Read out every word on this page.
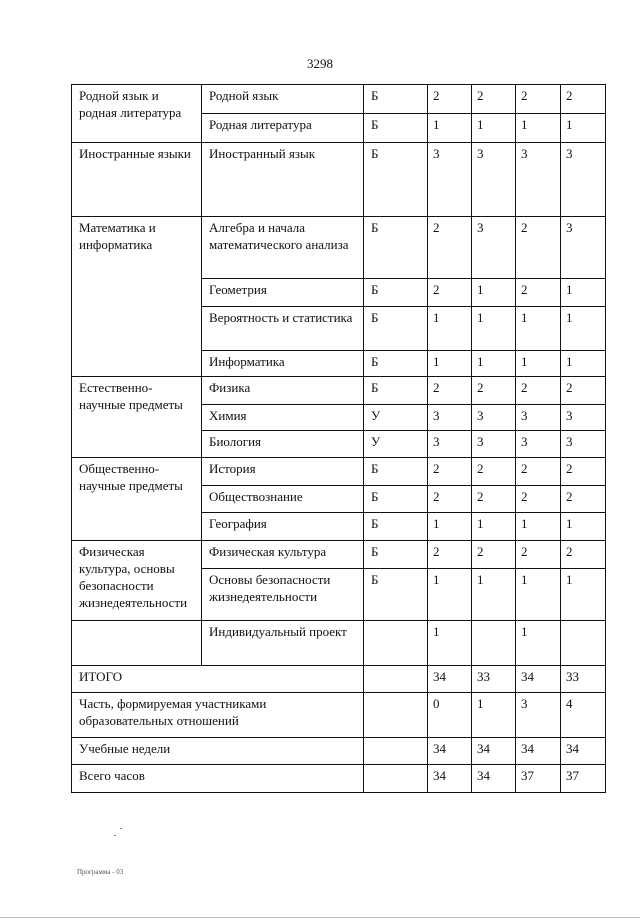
3298
Родной язык и родная литература	Родной язык	Б	2	2	2	2
	Родная литература	Б	1	1	1	1
Иностранные языки	Иностранный язык	Б	3	3	3	3
Математика и информатика	Алгебра и начала математического анализа	Б	2	3	2	3
	Геометрия	Б	2	1	2	1
	Вероятность и статистика	Б	1	1	1	1
	Информатика	Б	1	1	1	1
Естественно-научные предметы	Физика	Б	2	2	2	2
	Химия	У	3	3	3	3
	Биология	У	3	3	3	3
Общественно-научные предметы	История	Б	2	2	2	2
	Обществознание	Б	2	2	2	2
	География	Б	1	1	1	1
Физическая культура, основы безопасности жизнедеятельности	Физическая культура	Б	2	2	2	2
	Основы безопасности жизнедеятельности	Б	1	1	1	1
	Индивидуальный проект		1		1	
ИТОГО			34	33	34	33
Часть, формируемая участниками образовательных отношений			0	1	3	4
Учебные недели			34	34	34	34
Всего часов			34	34	37	37
Программа - 03
